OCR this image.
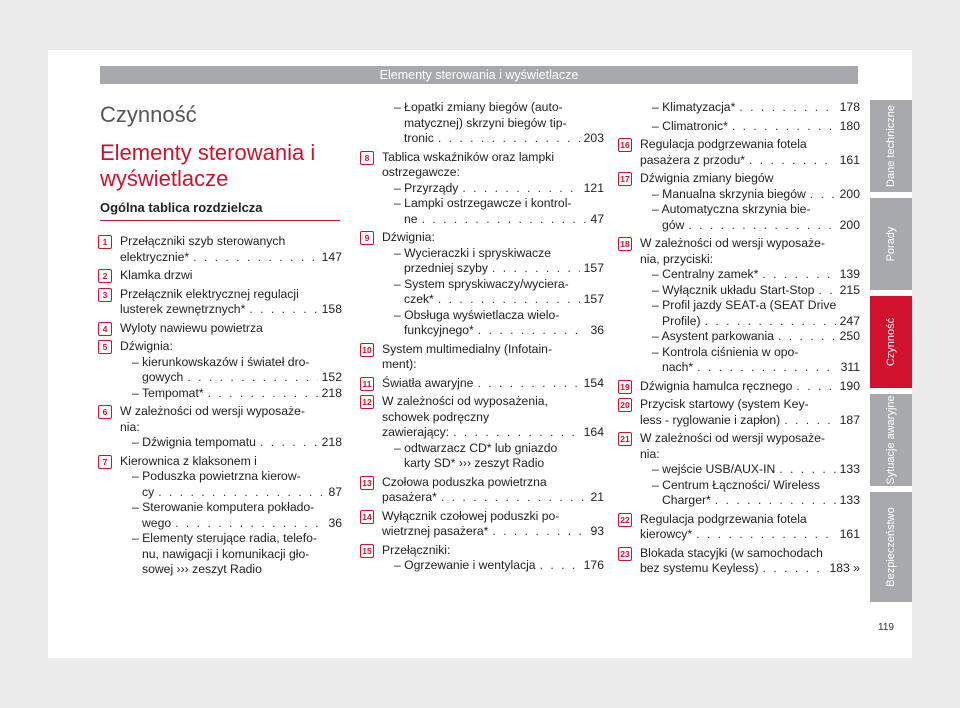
Elementy sterowania i wyświetlacze
Czynność
Elementy sterowania i wyświetlacze
Ogólna tablica rozdzielcza
1	Przełączniki szyb sterowanych
elektrycznie* . . .	147
2	Klamka drzwi
3	Przełącznik elektrycznej regulacji
lusterek zewnętrznych* . . .	158
4	Wyloty nawiewu powietrza
5	Dźwignia:
– kierunkowskazów i świateł dro-
gowych . . .	152
– Tempomat* . . .	218
6	W zależności od wersji wyposaże-
nia:
– Dźwignia tempomatu . . .	218
7	Kierownica z klaksonem i
– Poduszka powietrzna kierow-
cy . . .	87
– Sterowanie komputera pokłado-
wego . . .	36
– Elementy sterujące radia, telefo-
nu, nawigacji i komunikacji gło-
sowej ››› zeszyt Radio
– Łopatki zmiany biegów (auto-
matycznej) skrzyni biegów tip-
tronic . . .	203
8	Tablica wskaźników oraz lampki
ostrzegawcze:
– Przyrządy . . .	121
– Lampki ostrzegawcze i kontrol-
ne . . .	47
9	Dźwignia:
– Wycieraczki i spryskiwacze
przedniej szyby . . .	157
– System spryskiwaczy/wyciera-
czek* . . .	157
– Obsługa wyświetlacza wielo-
funkcyjnego* . . .	36
10 System multimedialny (Infotain-
ment):
11 Światła awaryjne . . .	154
12 W zależności od wyposażenia,
schowek podręczny
zawierający: . . .	164
– odtwarzacz CD* lub gniazdo
karty SD* ››› zeszyt Radio
13 Czołowa poduszka powietrzna
pasażera* . . .	21
14 Wyłącznik czołowej poduszki po-
wietrznej pasażera* . . .	93
15 Przełączniki:
– Ogrzewanie i wentylacja . . .	176
– Klimatyzacja* . . .	178
– Climatronic* . . .	180
16 Regulacja podgrzewania fotela
pasażera z przodu* . . .	161
17 Dźwignia zmiany biegów
– Manualna skrzynia biegów . . .	200
– Automatyczna skrzynia bie-
gów . . .	200
18 W zależności od wersji wyposaże-
nia, przyciski:
– Centralny zamek* . . .	139
– Wyłącznik układu Start-Stop . . . 215
– Profil jazdy SEAT-a (SEAT Drive
Profile) . . .	247
– Asystent parkowania . . .	250
– Kontrola ciśnienia w opo-
nach* . . .	311
19 Dźwignia hamulca ręcznego . . .	190
20 Przycisk startowy (system Key-
less - ryglowanie i zapłon) . . .	187
21 W zależności od wersji wyposaże-
nia:
– wejście USB/AUX-IN . . .	133
– Centrum Łączności/ Wireless
Charger* . . .	133
22 Regulacja podgrzewania fotela
kierowcy* . . .	161
23 Blokada stacyjki (w samochodach
bez systemu Keyless) . . .	183 »
Dane techniczne
Porady
Czynność
Sytuacje awaryjne
Bezpieczeństwo
119
